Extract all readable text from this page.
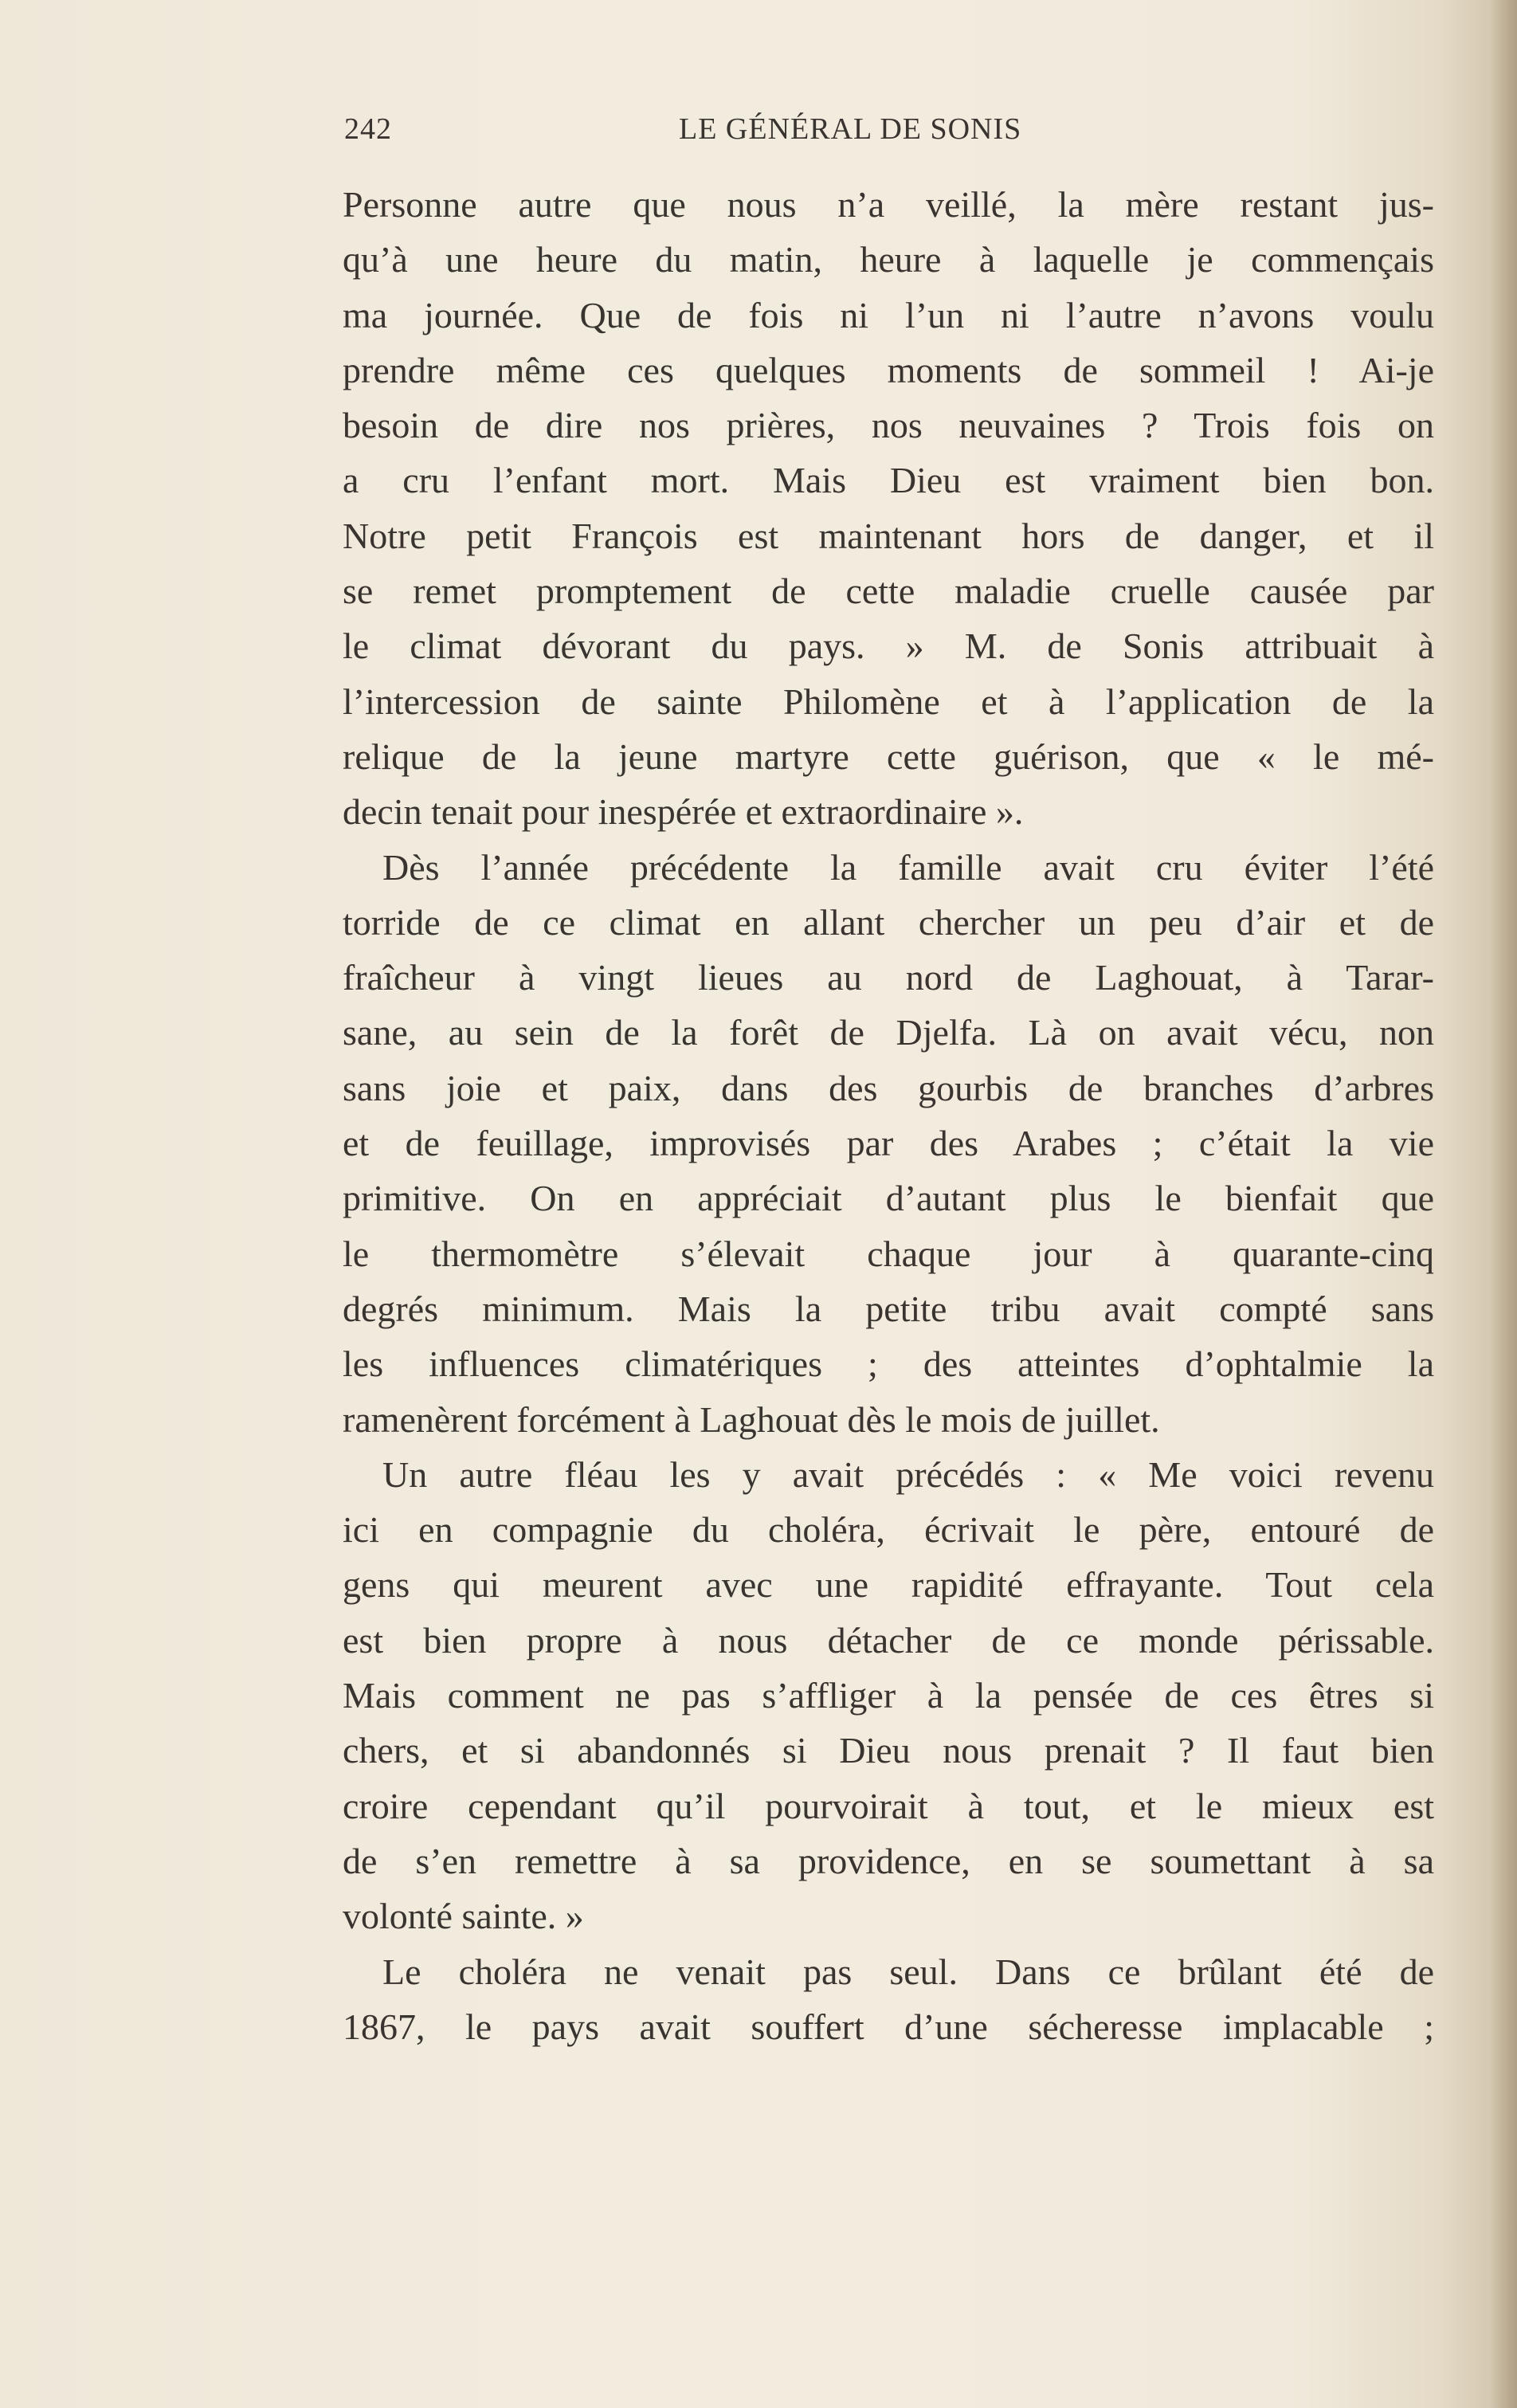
242	LE GÉNÉRAL DE SONIS
Personne autre que nous n’a veillé, la mère restant jus-
qu’à une heure du matin, heure à laquelle je commençais
ma journée. Que de fois ni l’un ni l’autre n’avons voulu
prendre même ces quelques moments de sommeil ! Ai-je
besoin de dire nos prières, nos neuvaines ? Trois fois on
a cru l’enfant mort. Mais Dieu est vraiment bien bon.
Notre petit François est maintenant hors de danger, et il
se remet promptement de cette maladie cruelle causée par
le climat dévorant du pays. » M. de Sonis attribuait à
l’intercession de sainte Philomène et à l’application de la
relique de la jeune martyre cette guérison, que « le mé-
decin tenait pour inespérée et extraordinaire ».
Dès l’année précédente la famille avait cru éviter l’été
torride de ce climat en allant chercher un peu d’air et de
fraîcheur à vingt lieues au nord de Laghouat, à Tarar-
sane, au sein de la forêt de Djelfa. Là on avait vécu, non
sans joie et paix, dans des gourbis de branches d’arbres
et de feuillage, improvisés par des Arabes ; c’était la vie
primitive. On en appréciait d’autant plus le bienfait que
le thermomètre s’élevait chaque jour à quarante-cinq
degrés minimum. Mais la petite tribu avait compté sans
les influences climatériques ; des atteintes d’ophtalmie la
ramenèrent forcément à Laghouat dès le mois de juillet.
Un autre fléau les y avait précédés : « Me voici revenu
ici en compagnie du choléra, écrivait le père, entouré de
gens qui meurent avec une rapidité effrayante. Tout cela
est bien propre à nous détacher de ce monde périssable.
Mais comment ne pas s’affliger à la pensée de ces êtres si
chers, et si abandonnés si Dieu nous prenait ? Il faut bien
croire cependant qu’il pourvoirait à tout, et le mieux est
de s’en remettre à sa providence, en se soumettant à sa
volonté sainte. »
Le choléra ne venait pas seul. Dans ce brûlant été de
1867, le pays avait souffert d’une sécheresse implacable ;
